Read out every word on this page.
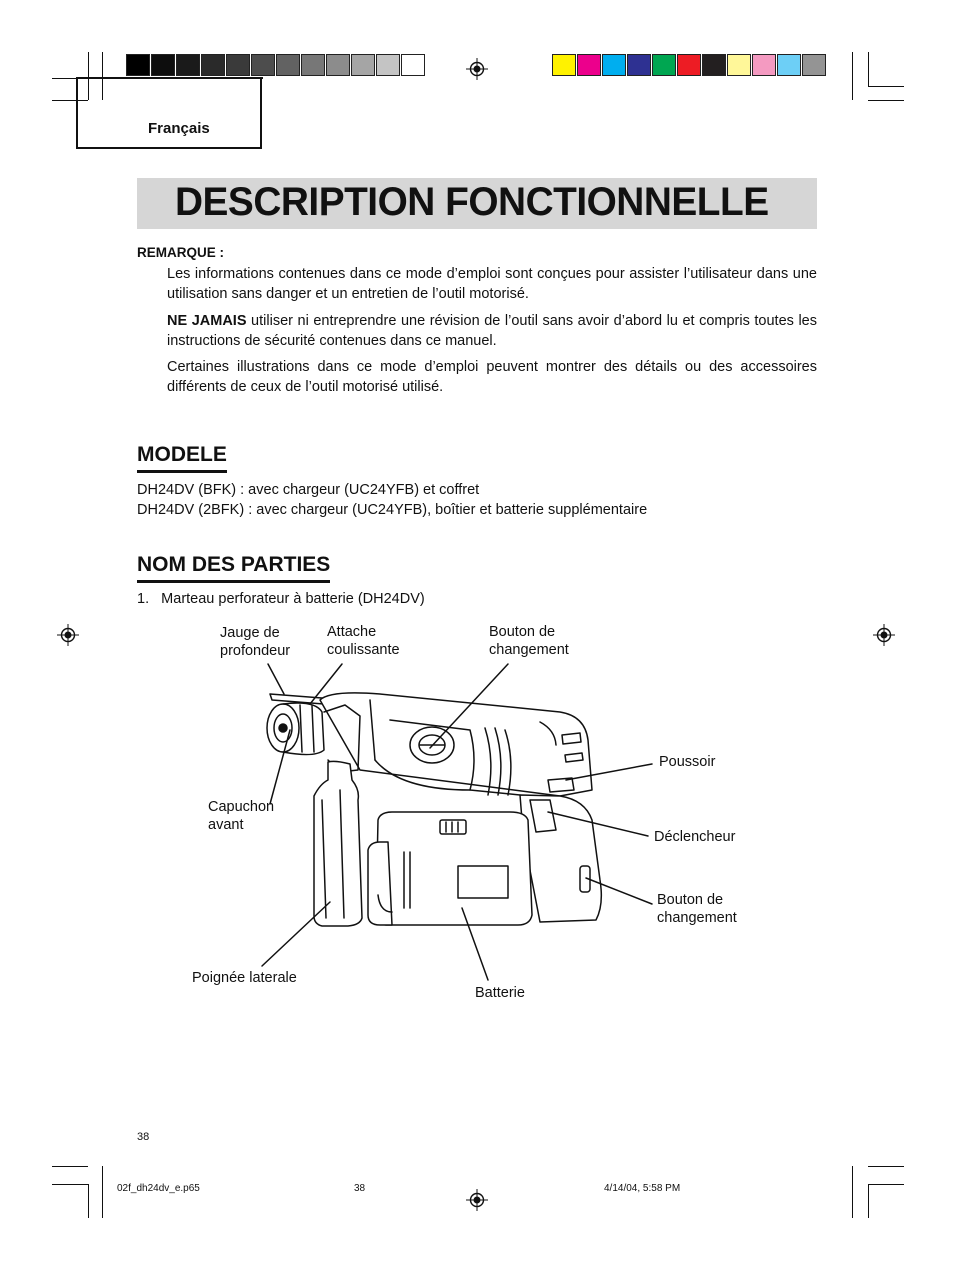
Français
DESCRIPTION FONCTIONNELLE
REMARQUE :
Les informations contenues dans ce mode d’emploi sont conçues pour assister l’utilisateur dans une utilisation sans danger et un entretien de l’outil motorisé.
NE JAMAIS utiliser ni entreprendre une révision de l’outil sans avoir d’abord lu et compris toutes les instructions de sécurité contenues dans ce manuel.
Certaines illustrations dans ce mode d’emploi peuvent montrer des détails ou des accessoires différents de ceux de l’outil motorisé utilisé.
MODELE
DH24DV (BFK) : avec chargeur (UC24YFB) et coffret
DH24DV (2BFK) : avec chargeur (UC24YFB), boîtier et batterie supplémentaire
NOM DES PARTIES
1.   Marteau perforateur à batterie (DH24DV)
Jauge de
profondeur
Attache
coulissante
Bouton de
changement
Poussoir
Capuchon
avant
Déclencheur
Bouton de
changement
Poignée laterale
Batterie
38
02f_dh24dv_e.p65	38	4/14/04, 5:58 PM
